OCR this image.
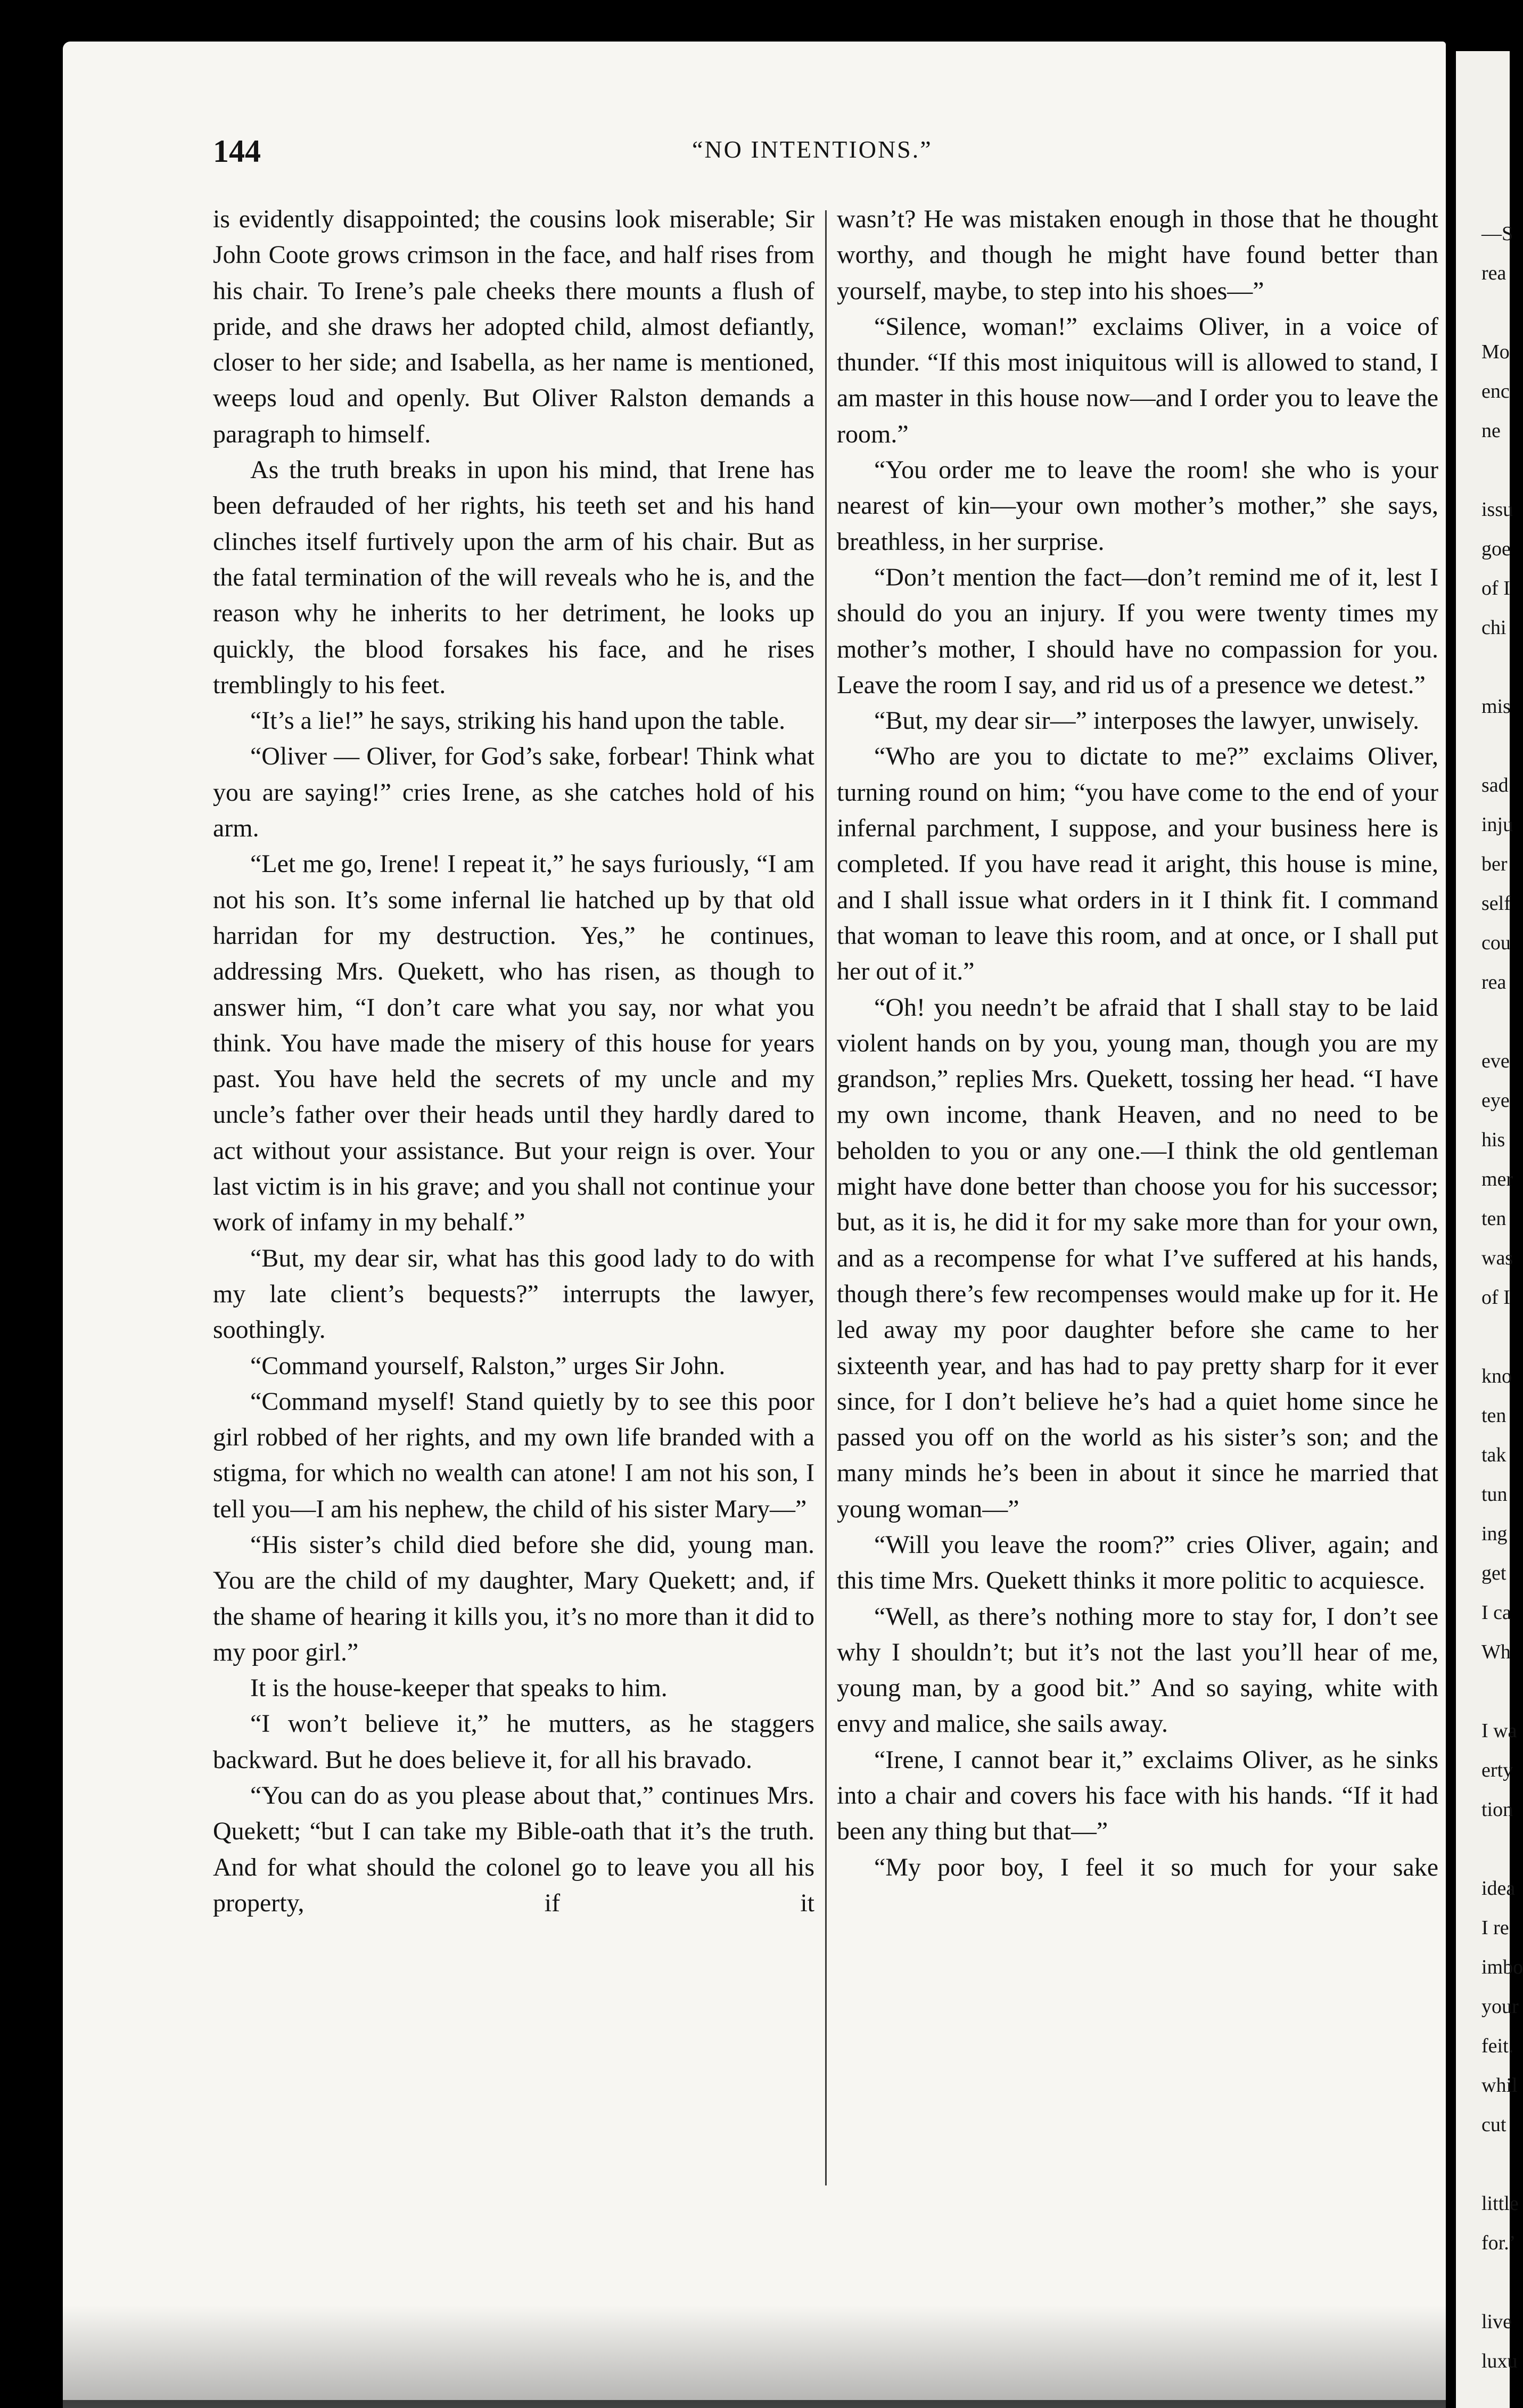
—S
rea
Mo
enc
ne
issu
goe
of I
chi
mis
sad
inju
ber
self
cou
rea
eve
eye
his
mer
ten
was
of I
kno
ten
tak
tun
ing
get
I ca
Wh
I wa
erty
tion
idea
I re
imbo
your
feit.
whil
cut
little
for.’
live
luxu
144	“NO INTENTIONS.”

is evidently disappointed; the cousins look miserable; Sir John Coote grows crimson in the face, and half rises from his chair. To Irene’s pale cheeks there mounts a flush of pride, and she draws her adopted child, almost defiantly, closer to her side; and Isabella, as her name is mentioned, weeps loud and openly. But Oliver Ralston demands a paragraph to himself.

As the truth breaks in upon his mind, that Irene has been defrauded of her rights, his teeth set and his hand clinches itself furtively upon the arm of his chair. But as the fatal termination of the will reveals who he is, and the reason why he inherits to her detriment, he looks up quickly, the blood forsakes his face, and he rises tremblingly to his feet.

“It’s a lie!” he says, striking his hand upon the table.

“Oliver — Oliver, for God’s sake, forbear! Think what you are saying!” cries Irene, as she catches hold of his arm.

“Let me go, Irene! I repeat it,” he says furiously, “I am not his son. It’s some infernal lie hatched up by that old harridan for my destruction. Yes,” he continues, addressing Mrs. Quekett, who has risen, as though to answer him, “I don’t care what you say, nor what you think. You have made the misery of this house for years past. You have held the secrets of my uncle and my uncle’s father over their heads until they hardly dared to act without your assistance. But your reign is over. Your last victim is in his grave; and you shall not continue your work of infamy in my behalf.”

“But, my dear sir, what has this good lady to do with my late client’s bequests?” interrupts the lawyer, soothingly.

“Command yourself, Ralston,” urges Sir John.

“Command myself! Stand quietly by to see this poor girl robbed of her rights, and my own life branded with a stigma, for which no wealth can atone! I am not his son, I tell you—I am his nephew, the child of his sister Mary—”

“His sister’s child died before she did, young man. You are the child of my daughter, Mary Quekett; and, if the shame of hearing it kills you, it’s no more than it did to my poor girl.”

It is the house-keeper that speaks to him.

“I won’t believe it,” he mutters, as he staggers backward. But he does believe it, for all his bravado.

“You can do as you please about that,” continues Mrs. Quekett; “but I can take my Bible-oath that it’s the truth. And for what should the colonel go to leave you all his property, if it

wasn’t? He was mistaken enough in those that he thought worthy, and though he might have found better than yourself, maybe, to step into his shoes—”

“Silence, woman!” exclaims Oliver, in a voice of thunder. “If this most iniquitous will is allowed to stand, I am master in this house now—and I order you to leave the room.”

“You order me to leave the room! she who is your nearest of kin—your own mother’s mother,” she says, breathless, in her surprise.

“Don’t mention the fact—don’t remind me of it, lest I should do you an injury. If you were twenty times my mother’s mother, I should have no compassion for you. Leave the room I say, and rid us of a presence we detest.”

“But, my dear sir—” interposes the lawyer, unwisely.

“Who are you to dictate to me?” exclaims Oliver, turning round on him; “you have come to the end of your infernal parchment, I suppose, and your business here is completed. If you have read it aright, this house is mine, and I shall issue what orders in it I think fit. I command that woman to leave this room, and at once, or I shall put her out of it.”

“Oh! you needn’t be afraid that I shall stay to be laid violent hands on by you, young man, though you are my grandson,” replies Mrs. Quekett, tossing her head. “I have my own income, thank Heaven, and no need to be beholden to you or any one.—I think the old gentleman might have done better than choose you for his successor; but, as it is, he did it for my sake more than for your own, and as a recompense for what I’ve suffered at his hands, though there’s few recompenses would make up for it. He led away my poor daughter before she came to her sixteenth year, and has had to pay pretty sharp for it ever since, for I don’t believe he’s had a quiet home since he passed you off on the world as his sister’s son; and the many minds he’s been in about it since he married that young woman—”

“Will you leave the room?” cries Oliver, again; and this time Mrs. Quekett thinks it more politic to acquiesce.

“Well, as there’s nothing more to stay for, I don’t see why I shouldn’t; but it’s not the last you’ll hear of me, young man, by a good bit.” And so saying, white with envy and malice, she sails away.

“Irene, I cannot bear it,” exclaims Oliver, as he sinks into a chair and covers his face with his hands. “If it had been any thing but that—”

“My poor boy, I feel it so much for your sake
